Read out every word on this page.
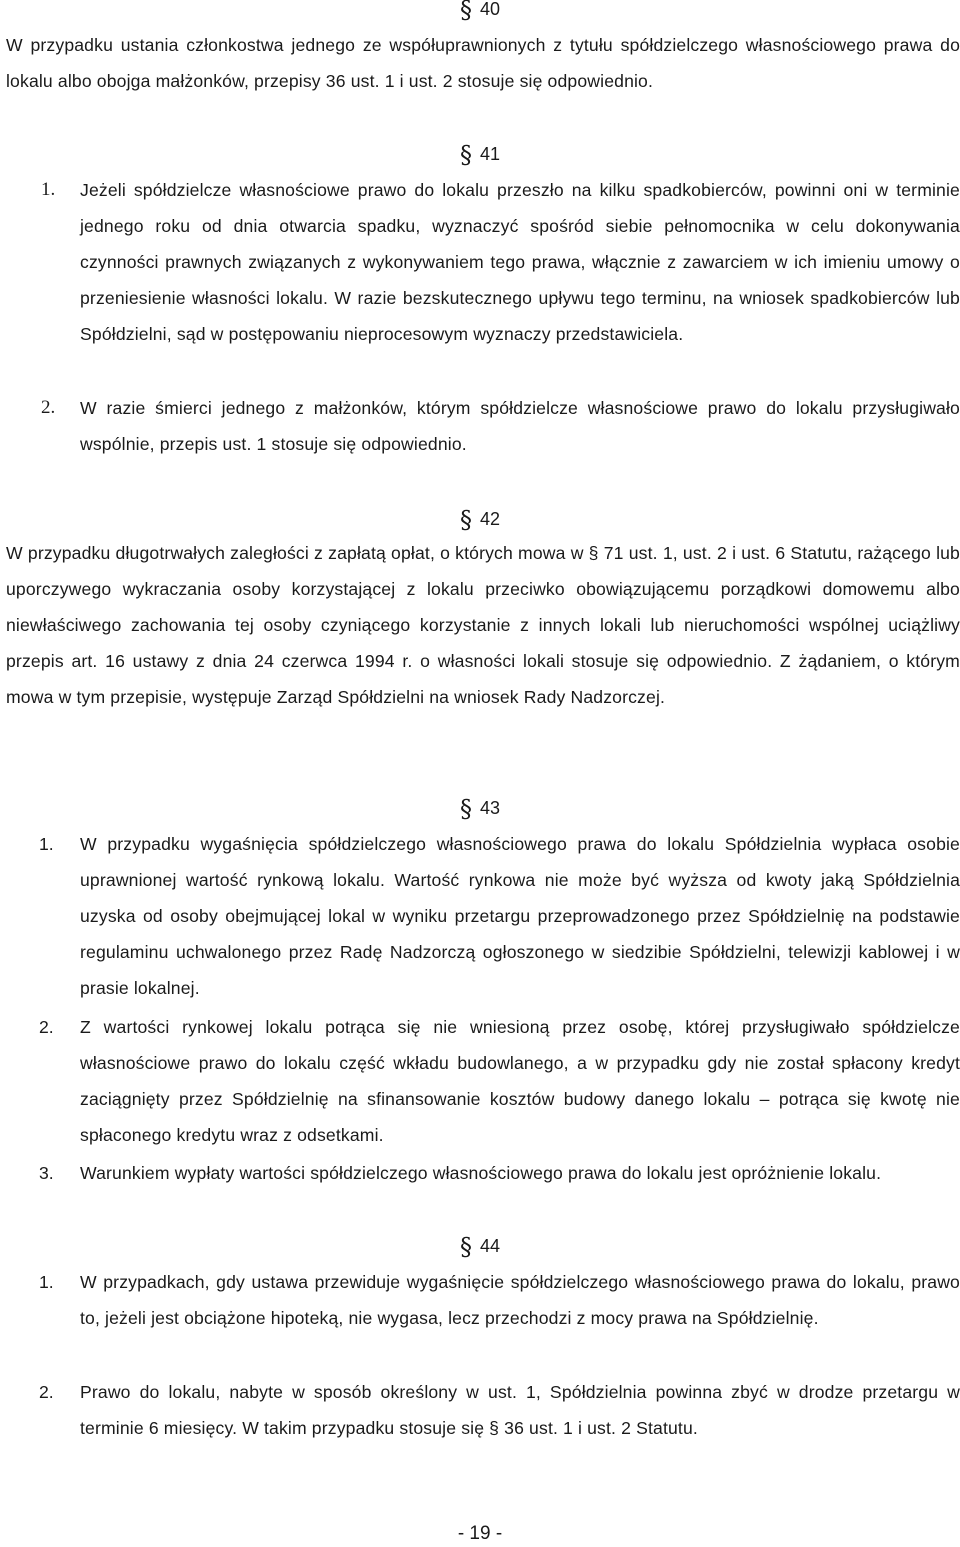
§ 40
W przypadku ustania członkostwa jednego ze współuprawnionych z tytułu spółdzielczego własnościowego prawa do lokalu albo obojga małżonków, przepisy 36 ust. 1 i ust. 2 stosuje się odpowiednio.
§ 41
1.	Jeżeli spółdzielcze własnościowe prawo do lokalu przeszło na kilku spadkobierców, powinni oni w terminie jednego roku od dnia otwarcia spadku, wyznaczyć spośród siebie pełnomocnika w celu dokonywania czynności prawnych związanych z wykonywaniem tego prawa, włącznie z zawarciem w ich imieniu umowy o przeniesienie własności lokalu. W razie bezskutecznego upływu tego terminu, na wniosek spadkobierców lub Spółdzielni, sąd w postępowaniu nieprocesowym wyznaczy przedstawiciela.
2.	W razie śmierci jednego z małżonków, którym spółdzielcze własnościowe prawo do lokalu przysługiwało wspólnie, przepis ust. 1 stosuje się odpowiednio.
§ 42
W przypadku długotrwałych zaległości z zapłatą opłat, o których mowa w § 71 ust. 1, ust. 2 i ust. 6 Statutu, rażącego lub uporczywego wykraczania osoby korzystającej z lokalu przeciwko obowiązującemu porządkowi domowemu albo niewłaściwego zachowania tej osoby czyniącego korzystanie z innych lokali lub nieruchomości wspólnej uciążliwy przepis art. 16 ustawy z dnia 24 czerwca 1994 r. o własności lokali stosuje się odpowiednio. Z żądaniem, o którym mowa w tym przepisie, występuje Zarząd Spółdzielni na wniosek Rady Nadzorczej.
§ 43
1.	W przypadku wygaśnięcia spółdzielczego własnościowego prawa do lokalu Spółdzielnia wypłaca osobie uprawnionej wartość rynkową lokalu. Wartość rynkowa nie może być wyższa od kwoty jaką Spółdzielnia uzyska od osoby obejmującej lokal w wyniku przetargu przeprowadzonego przez Spółdzielnię na podstawie regulaminu uchwalonego przez Radę Nadzorczą ogłoszonego w siedzibie Spółdzielni, telewizji kablowej i w prasie lokalnej.
2.	Z wartości rynkowej lokalu potrąca się nie wniesioną przez osobę, której przysługiwało spółdzielcze własnościowe prawo do lokalu część wkładu budowlanego, a w przypadku gdy nie został spłacony kredyt zaciągnięty przez Spółdzielnię na sfinansowanie kosztów budowy danego lokalu – potrąca się kwotę nie spłaconego kredytu wraz z odsetkami.
3.	Warunkiem wypłaty wartości spółdzielczego własnościowego prawa do lokalu jest opróżnienie lokalu.
§ 44
1.	W przypadkach, gdy ustawa przewiduje wygaśnięcie spółdzielczego własnościowego prawa do lokalu, prawo to, jeżeli jest obciążone hipoteką, nie wygasa, lecz przechodzi z mocy prawa na Spółdzielnię.
2.	Prawo do lokalu, nabyte w sposób określony w ust. 1, Spółdzielnia powinna zbyć w drodze przetargu w terminie 6 miesięcy. W takim przypadku stosuje się § 36 ust. 1 i ust. 2 Statutu.
- 19 -
